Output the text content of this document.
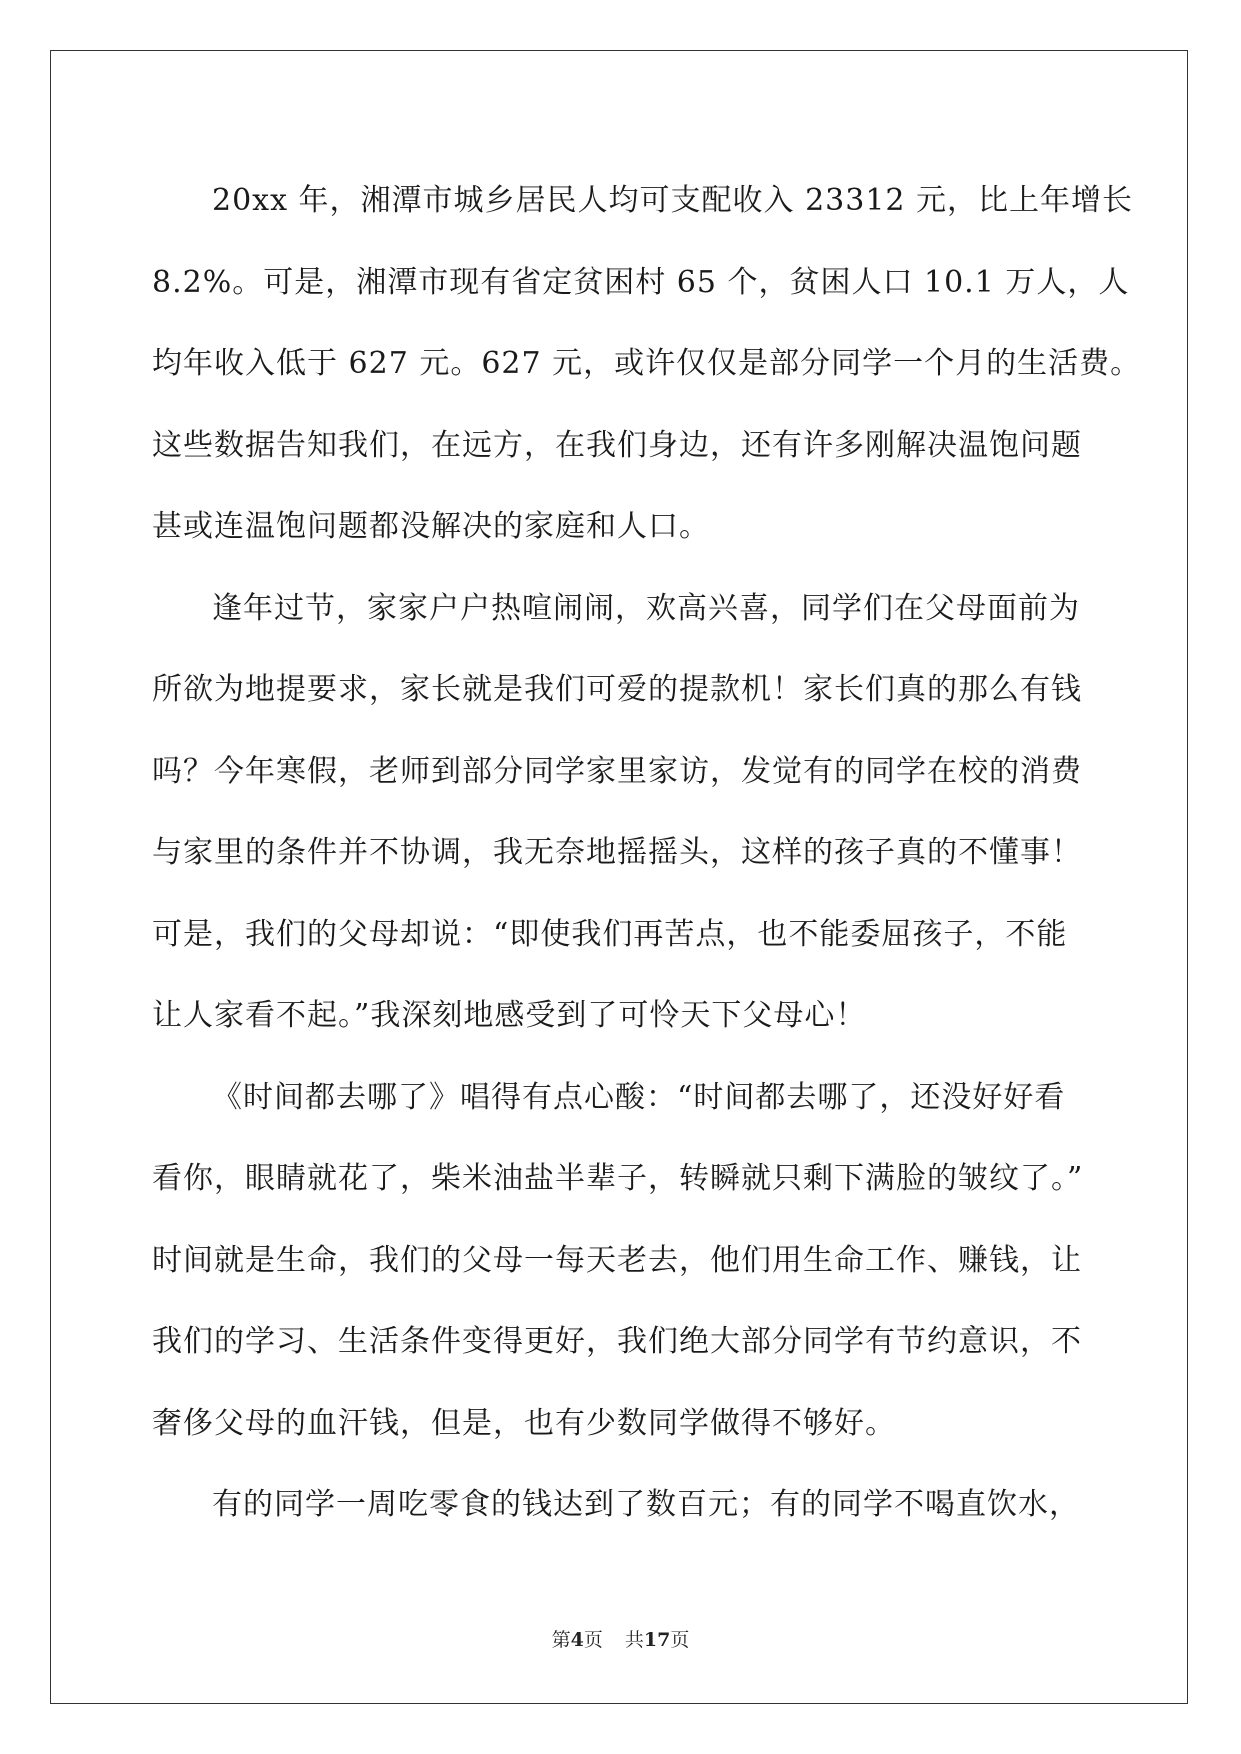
20xx 年，湘潭市城乡居民人均可支配收入 23312 元，比上年增长
8.2%。可是，湘潭市现有省定贫困村 65 个，贫困人口 10.1 万人，人
均年收入低于 627 元。627 元，或许仅仅是部分同学一个月的生活费。
这些数据告知我们，在远方，在我们身边，还有许多刚解决温饱问题
甚或连温饱问题都没解决的家庭和人口。

逢年过节，家家户户热喧闹闹，欢高兴喜，同学们在父母面前为
所欲为地提要求，家长就是我们可爱的提款机！家长们真的那么有钱
吗？今年寒假，老师到部分同学家里家访，发觉有的同学在校的消费
与家里的条件并不协调，我无奈地摇摇头，这样的孩子真的不懂事！
可是，我们的父母却说：“即使我们再苦点，也不能委屈孩子，不能
让人家看不起。”我深刻地感受到了可怜天下父母心！

《时间都去哪了》唱得有点心酸：“时间都去哪了，还没好好看
看你，眼睛就花了，柴米油盐半辈子，转瞬就只剩下满脸的皱纹了。”
时间就是生命，我们的父母一每天老去，他们用生命工作、赚钱，让
我们的学习、生活条件变得更好，我们绝大部分同学有节约意识，不
奢侈父母的血汗钱，但是，也有少数同学做得不够好。

有的同学一周吃零食的钱达到了数百元；有的同学不喝直饮水，

第4页 共17页
